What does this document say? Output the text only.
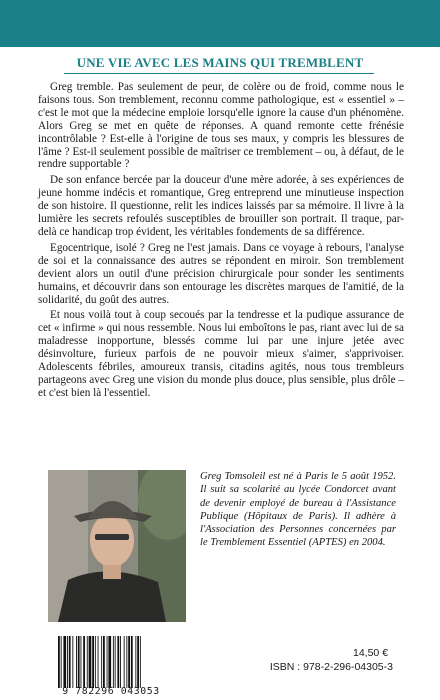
UNE VIE AVEC LES MAINS QUI TREMBLENT

Greg tremble. Pas seulement de peur, de colère ou de froid, comme nous le faisons tous. Son tremblement, reconnu comme pathologique, est « essentiel » – c'est le mot que la médecine emploie lorsqu'elle ignore la cause d'un phénomène. Alors Greg se met en quête de réponses. A quand remonte cette frénésie incontrôlable ? Est-elle à l'origine de tous ses maux, y compris les blessures de l'âme ? Est-il seulement possible de maîtriser ce tremblement – ou, à défaut, de le rendre supportable ?

De son enfance bercée par la douceur d'une mère adorée, à ses expériences de jeune homme indécis et romantique, Greg entreprend une minutieuse inspection de son histoire. Il questionne, relit les indices laissés par sa mémoire. Il livre à la lumière les secrets refoulés susceptibles de brouiller son portrait. Il traque, par-delà ce handicap trop évident, les véritables fondements de sa différence.

Egocentrique, isolé ? Greg ne l'est jamais. Dans ce voyage à rebours, l'analyse de soi et la connaissance des autres se répondent en miroir. Son tremblement devient alors un outil d'une précision chirurgicale pour sonder les sentiments humains, et découvrir dans son entourage les discrètes marques de l'amitié, de la solidarité, du goût des autres.

Et nous voilà tout à coup secoués par la tendresse et la pudique assurance de cet « infirme » qui nous ressemble. Nous lui emboîtons le pas, riant avec lui de sa maladresse inopportune, blessés comme lui par une injure jetée avec désinvolture, furieux parfois de ne pouvoir mieux s'aimer, s'apprivoiser. Adolescents fébriles, amoureux transis, citadins agités, nous tous trembleurs partageons avec Greg une vision du monde plus douce, plus sensible, plus drôle – et c'est bien là l'essentiel.

Greg Tomsoleil est né à Paris le 5 août 1952. Il suit sa scolarité au lycée Condorcet avant de devenir employé de bureau à l'Assistance Publique (Hôpitaux de Paris). Il adhère à l'Association des Personnes concernées par le Tremblement Essentiel (APTES) en 2004.
9 782296 043053
14,50 €
ISBN : 978-2-296-04305-3
